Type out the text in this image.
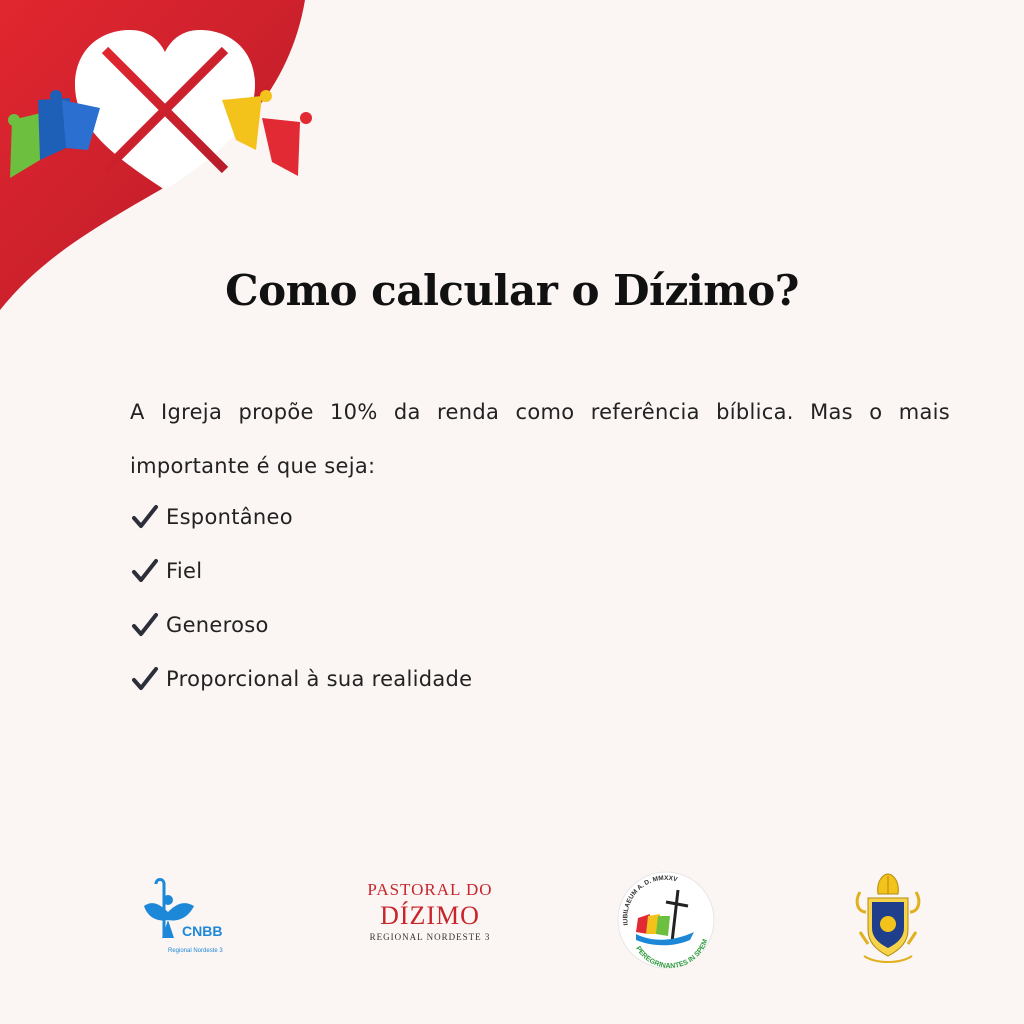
Como calcular o Dízimo?

A Igreja propõe 10% da renda como referência bíblica. Mas o mais importante é que seja:

Espontâneo
Fiel
Generoso
Proporcional à sua realidade
CNBB
Regional Nordeste 3
PASTORAL DO
DÍZIMO
REGIONAL NORDESTE 3
IUBILAEUM A. D. MMXXV
PEREGRINANTES IN SPEM
